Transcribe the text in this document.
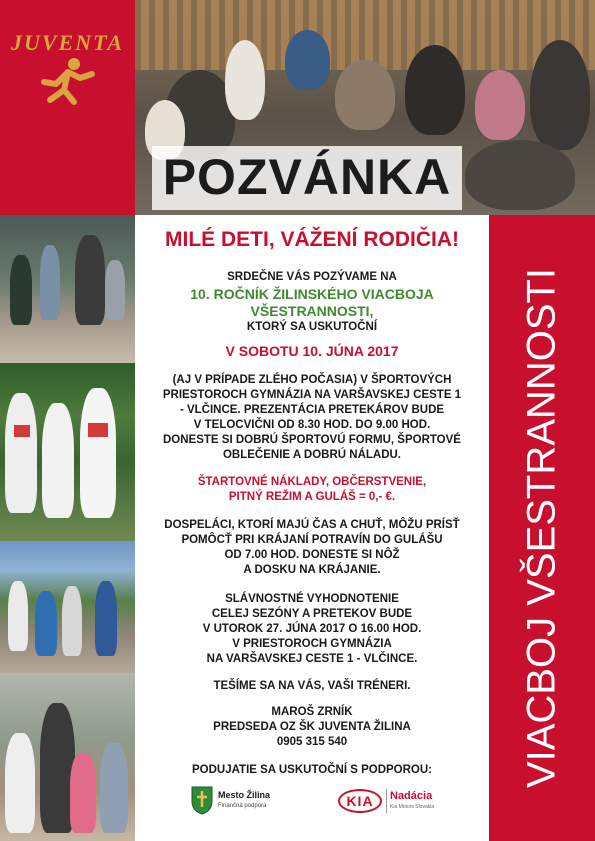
JUVENTA
POZVÁNKA
VIACBOJ VŠESTRANNOSTI
MILÉ DETI, VÁŽENÍ RODIČIA!
SRDEČNE VÁS POZÝVAME NA
10. ROČNÍK ŽILINSKÉHO VIACBOJA
VŠESTRANNOSTI,
KTORÝ SA USKUTOČNÍ
V SOBOTU 10. JÚNA 2017
(AJ V PRÍPADE ZLÉHO POČASIA) V ŠPORTOVÝCH
PRIESTOROCH GYMNÁZIA NA VARŠAVSKEJ CESTE 1
- VLČINCE. PREZENTÁCIA PRETEKÁROV BUDE
V TELOCVIČNI OD 8.30 HOD. DO 9.00 HOD.
DONESTE SI DOBRÚ ŠPORTOVÚ FORMU, ŠPORTOVÉ
OBLEČENIE A DOBRÚ NÁLADU.
ŠTARTOVNÉ NÁKLADY, OBČERSTVENIE,
PITNÝ REŽIM A GULÁŠ = 0,- €.
DOSPELÁCI, KTORÍ MAJÚ ČAS A CHUŤ, MÔŽU PRÍSŤ
POMÔCŤ PRI KRÁJANÍ POTRAVÍN DO GULÁŠU
OD 7.00 HOD. DONESTE SI NÔŽ
A DOSKU NA KRÁJANIE.
SLÁVNOSTNÉ VYHODNOTENIE
CELEJ SEZÓNY A PRETEKOV BUDE
V UTOROK 27. JÚNA 2017 O 16.00 HOD.
V PRIESTOROCH GYMNÁZIA
NA VARŠAVSKEJ CESTE 1 - VLČINCE.
TEŠÍME SA NA VÁS, VAŠI TRÉNERI.
MAROŠ ZRNÍK
PREDSEDA OZ ŠK JUVENTA ŽILINA
0905 315 540
PODUJATIE SA USKUTOČNÍ S PODPOROU:
Mesto Žilina
Finančná podpora	KIA	Nadácia
Kia Motors Slovakia
